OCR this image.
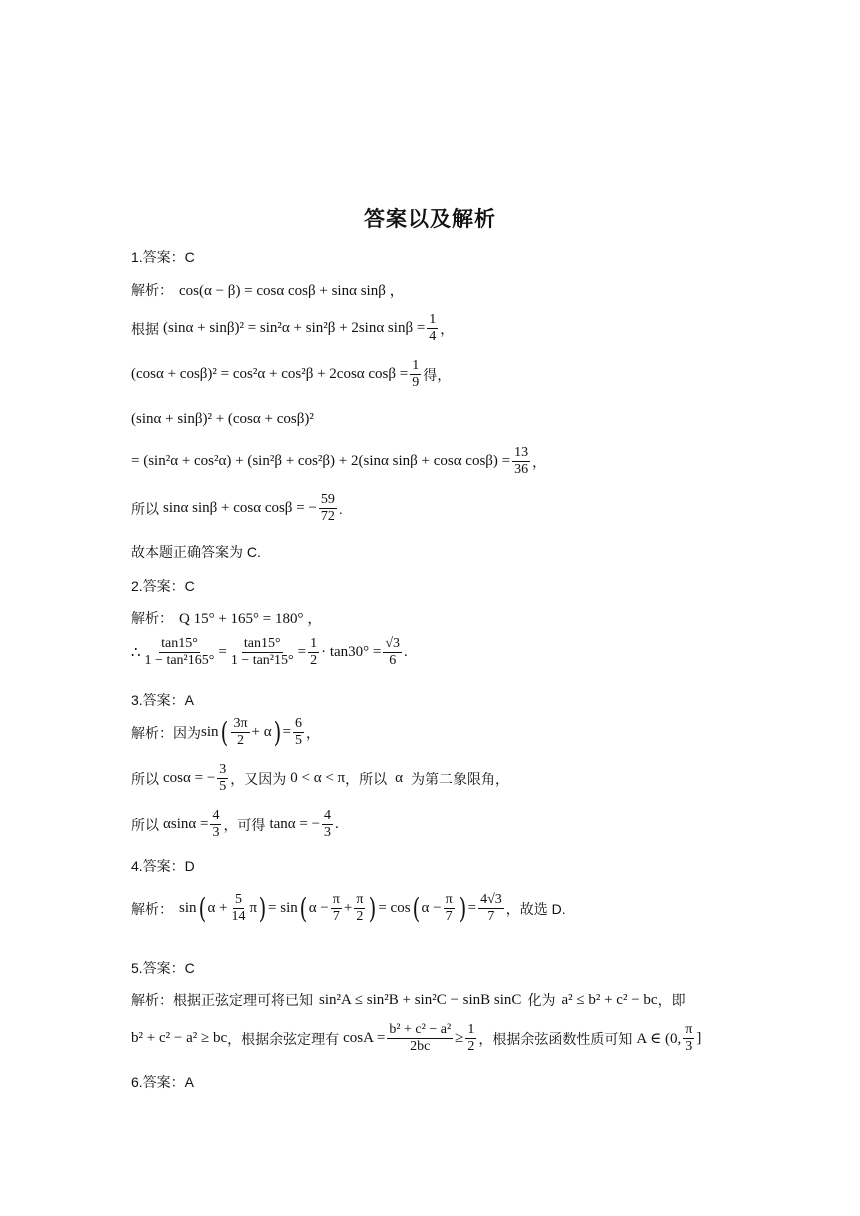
答案以及解析
1.答案：C
解析： cos(α − β) = cosα cosβ + sinα sinβ ，
根据 (sinα + sinβ)² = sin²α + sin²β + 2sinα $\sin\beta = \frac{1}{4}$ ，
(cosα + cosβ)² = cos²α + cos²β + 2cosα $\cos\beta = \frac{1}{9}$ 得，
(sinα + sinβ)² + (cosα + cosβ)²
= (sin²α + cos²α) + (sin²β + cos²β) + 2(sinα sinβ + cosα $\cos\beta) = \frac{13}{36}$ ，
所以 sinα sinβ + cosα cosβ = − $\frac{59}{72}$ .
故本题正确答案为 C.
2.答案：C
解析： Q 15° + 165° = 180° ，
∴ $\frac{\tan 15^\circ}{\text{1 − tan²165°}} = \frac{\tan 15^\circ}{\text{1 − tan²15°}} = \frac{1}{2} \cdot \tan 30^\circ = \frac{√3}{6}$ .
3.答案：A
解析：因为 sin ( $\frac{3\pi}{2} + \alpha$ ) = $\frac{6}{5}$ ，
所以 cosα = − $\frac{3}{5}$ ，又因为 0 < α < π ，所以 α 为第二象限角，
所以 $\alpha\sin\alpha = \frac{4}{3}$ ，可得 tanα = − $\frac{4}{3}$ .
4.答案：D
解析： sin ( $\alpha + \frac{5}{14}$ π ) = sin ( $\alpha - \frac{\pi}{7} + \frac{\pi}{2}$ ) = cos ( $\alpha - \frac{\pi}{7}$ ) = $\frac{4√3}{7}$ ，故选 D.
5.答案：C
解析：根据正弦定理可将已知 sin²A ≤ sin²B + sin²C − sinB sinC 化为 a² ≤ b² + c² − bc ，即
b² + c² − a² ≥ bc ，根据余弦定理有 $\cos A = \frac{\text{b² + c² − a²}}{2bc} \ge \frac{1}{2}$ ，根据余弦函数性质可知 A ∈ (0, $\frac{\pi}{3}$ ]
6.答案：A
